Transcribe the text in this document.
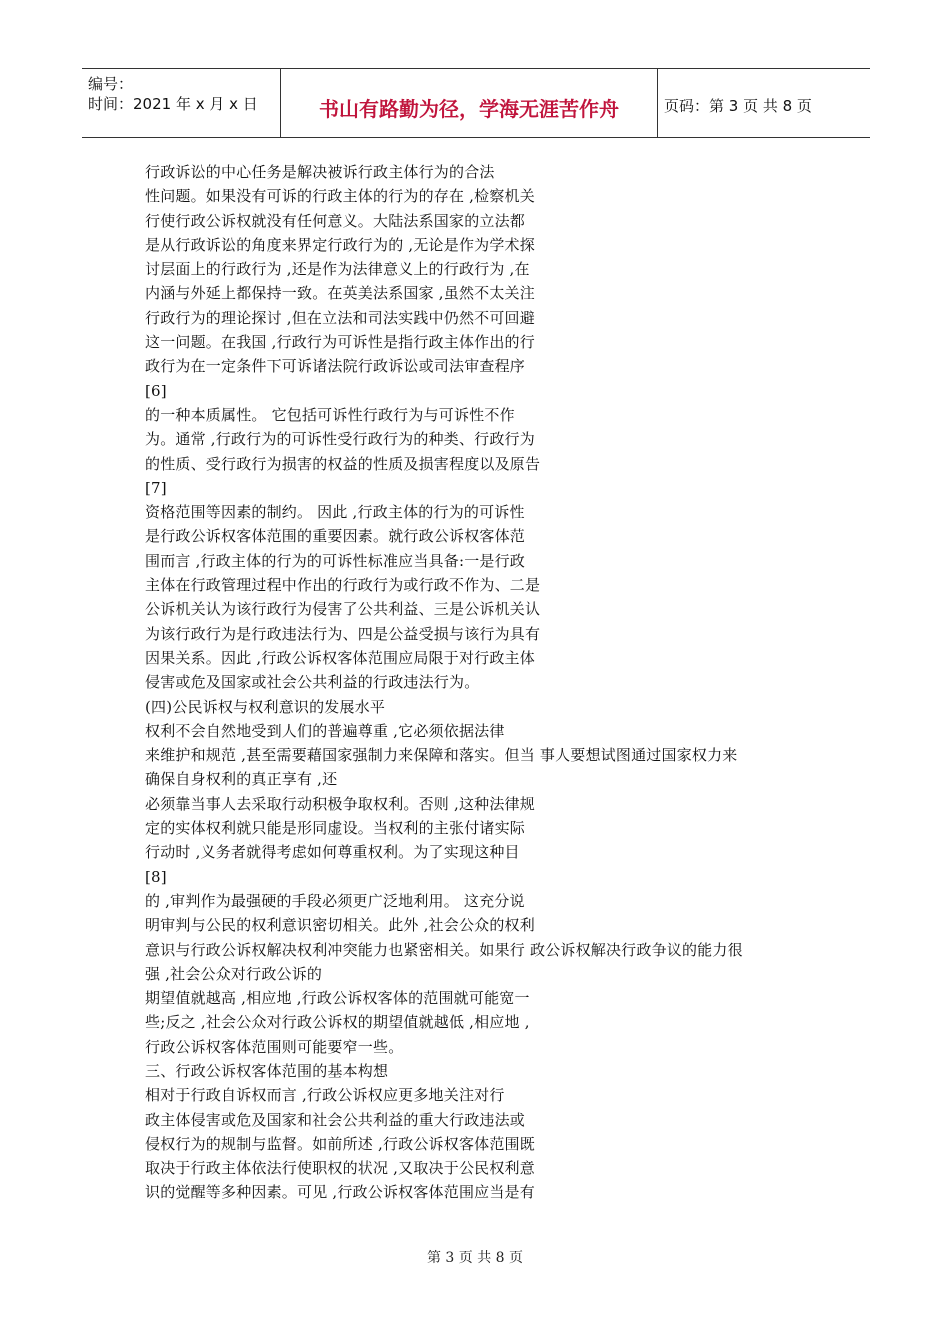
编号：
时间：2021 年 x 月 x 日	书山有路勤为径，学海无涯苦作舟	页码：第 3 页 共 8 页
行政诉讼的中心任务是解决被诉行政主体行为的合法
性问题。如果没有可诉的行政主体的行为的存在 ,检察机关
行使行政公诉权就没有任何意义。大陆法系国家的立法都
是从行政诉讼的角度来界定行政行为的 ,无论是作为学术探
讨层面上的行政行为 ,还是作为法律意义上的行政行为 ,在
内涵与外延上都保持一致。在英美法系国家 ,虽然不太关注
行政行为的理论探讨 ,但在立法和司法实践中仍然不可回避
这一问题。在我国 ,行政行为可诉性是指行政主体作出的行
政行为在一定条件下可诉诸法院行政诉讼或司法审查程序
[6]
的一种本质属性。 它包括可诉性行政行为与可诉性不作
为。通常 ,行政行为的可诉性受行政行为的种类、行政行为
的性质、受行政行为损害的权益的性质及损害程度以及原告
[7]
资格范围等因素的制约。 因此 ,行政主体的行为的可诉性
是行政公诉权客体范围的重要因素。就行政公诉权客体范
围而言 ,行政主体的行为的可诉性标准应当具备:一是行政
主体在行政管理过程中作出的行政行为或行政不作为、二是
公诉机关认为该行政行为侵害了公共利益、三是公诉机关认
为该行政行为是行政违法行为、四是公益受损与该行为具有
因果关系。因此 ,行政公诉权客体范围应局限于对行政主体
侵害或危及国家或社会公共利益的行政违法行为。
(四)公民诉权与权利意识的发展水平
权利不会自然地受到人们的普遍尊重 ,它必须依据法律
来维护和规范 ,甚至需要藉国家强制力来保障和落实。但当 事人要想试图通过国家权力来
确保自身权利的真正享有 ,还
必须靠当事人去采取行动积极争取权利。否则 ,这种法律规
定的实体权利就只能是形同虚设。当权利的主张付诸实际
行动时 ,义务者就得考虑如何尊重权利。为了实现这种目
[8]
的 ,审判作为最强硬的手段必须更广泛地利用。 这充分说
明审判与公民的权利意识密切相关。此外 ,社会公众的权利
意识与行政公诉权解决权利冲突能力也紧密相关。如果行 政公诉权解决行政争议的能力很
强 ,社会公众对行政公诉的
期望值就越高 ,相应地 ,行政公诉权客体的范围就可能宽一
些;反之 ,社会公众对行政公诉权的期望值就越低 ,相应地 ,
行政公诉权客体范围则可能要窄一些。
三、行政公诉权客体范围的基本构想
相对于行政自诉权而言 ,行政公诉权应更多地关注对行
政主体侵害或危及国家和社会公共利益的重大行政违法或
侵权行为的规制与监督。如前所述 ,行政公诉权客体范围既
取决于行政主体依法行使职权的状况 ,又取决于公民权利意
识的觉醒等多种因素。可见 ,行政公诉权客体范围应当是有
第 3 页 共 8 页
